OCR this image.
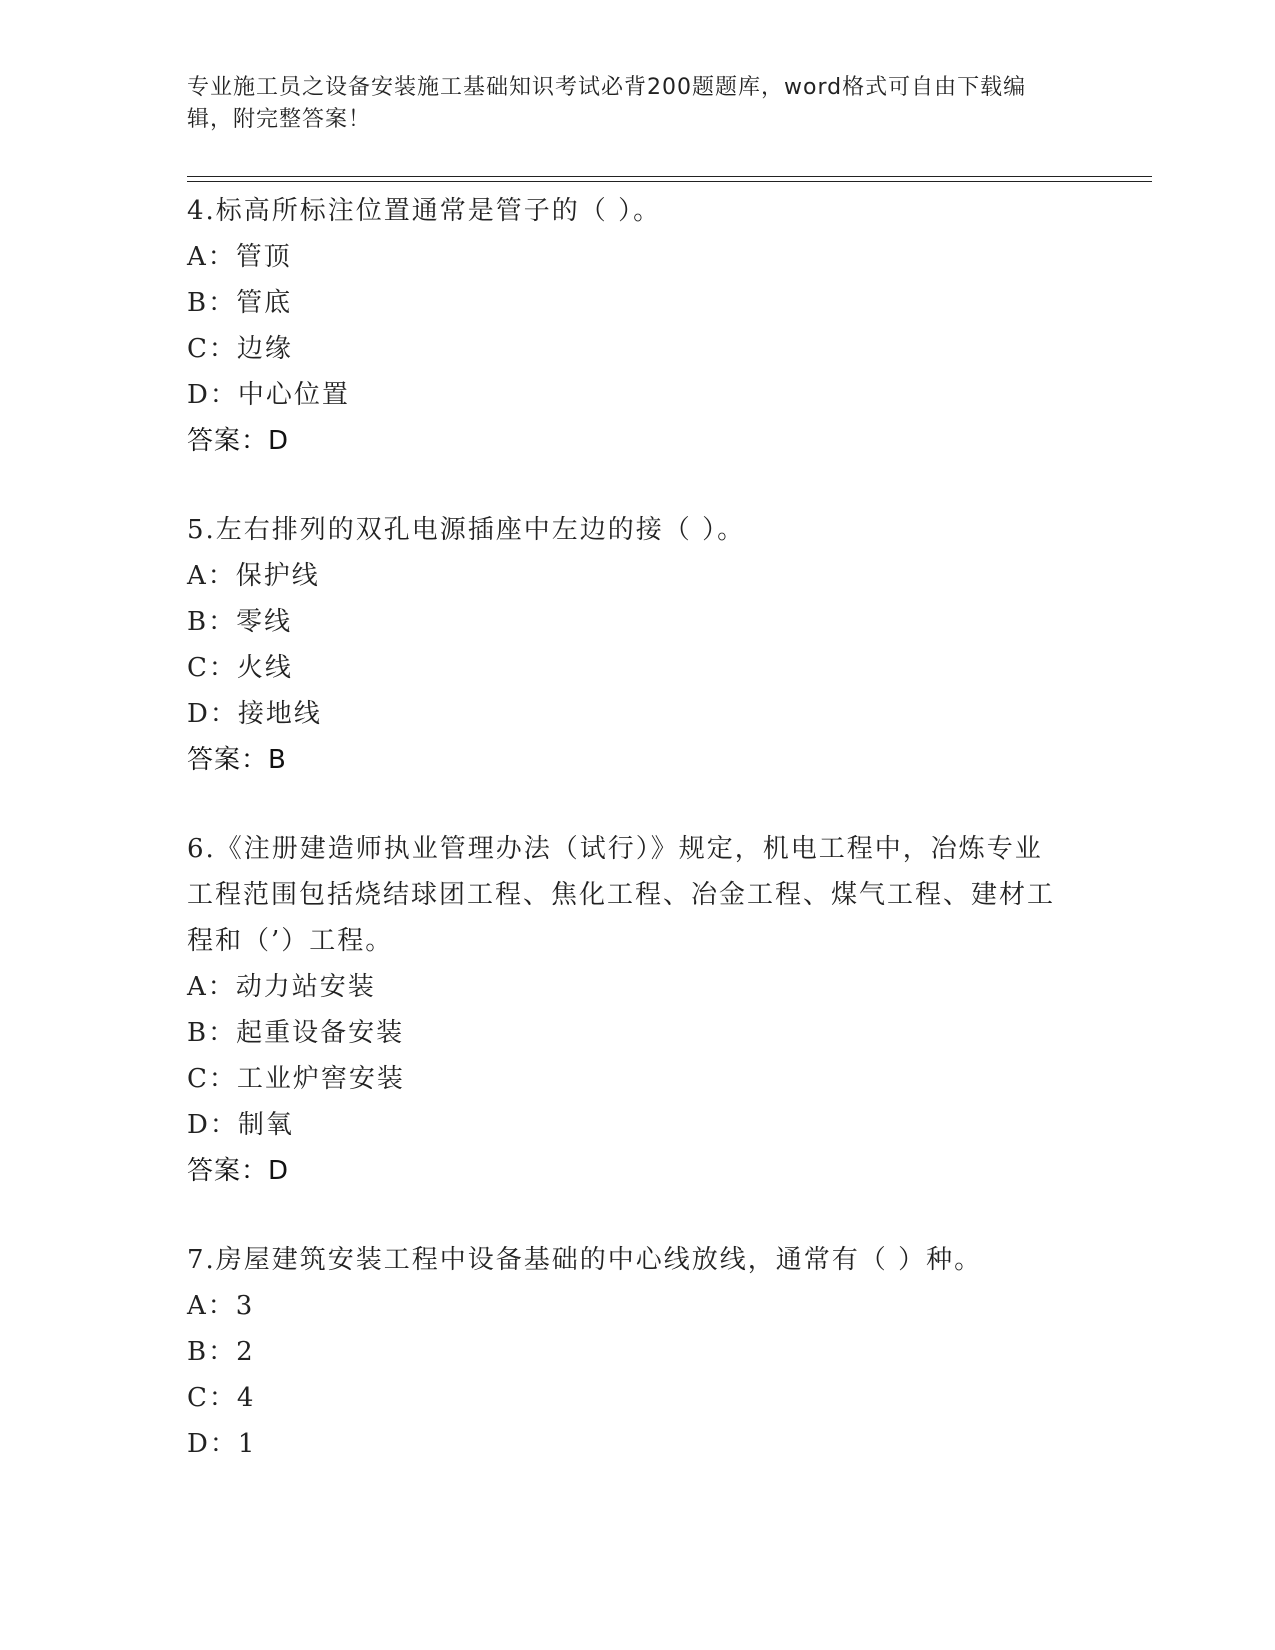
专业施工员之设备安装施工基础知识考试必背200题题库，word格式可自由下载编辑，附完整答案！
4.标高所标注位置通常是管子的（ ）。
A：管顶
B：管底
C：边缘
D：中心位置
答案：D
5.左右排列的双孔电源插座中左边的接（ ）。
A：保护线
B：零线
C：火线
D：接地线
答案：B
6.《注册建造师执业管理办法（试行）》规定，机电工程中，冶炼专业工程范围包括烧结球团工程、焦化工程、冶金工程、煤气工程、建材工程和（’）工程。
A：动力站安装
B：起重设备安装
C：工业炉窖安装
D：制氧
答案：D
7.房屋建筑安装工程中设备基础的中心线放线，通常有（ ）种。
A：3
B：2
C：4
D：1
